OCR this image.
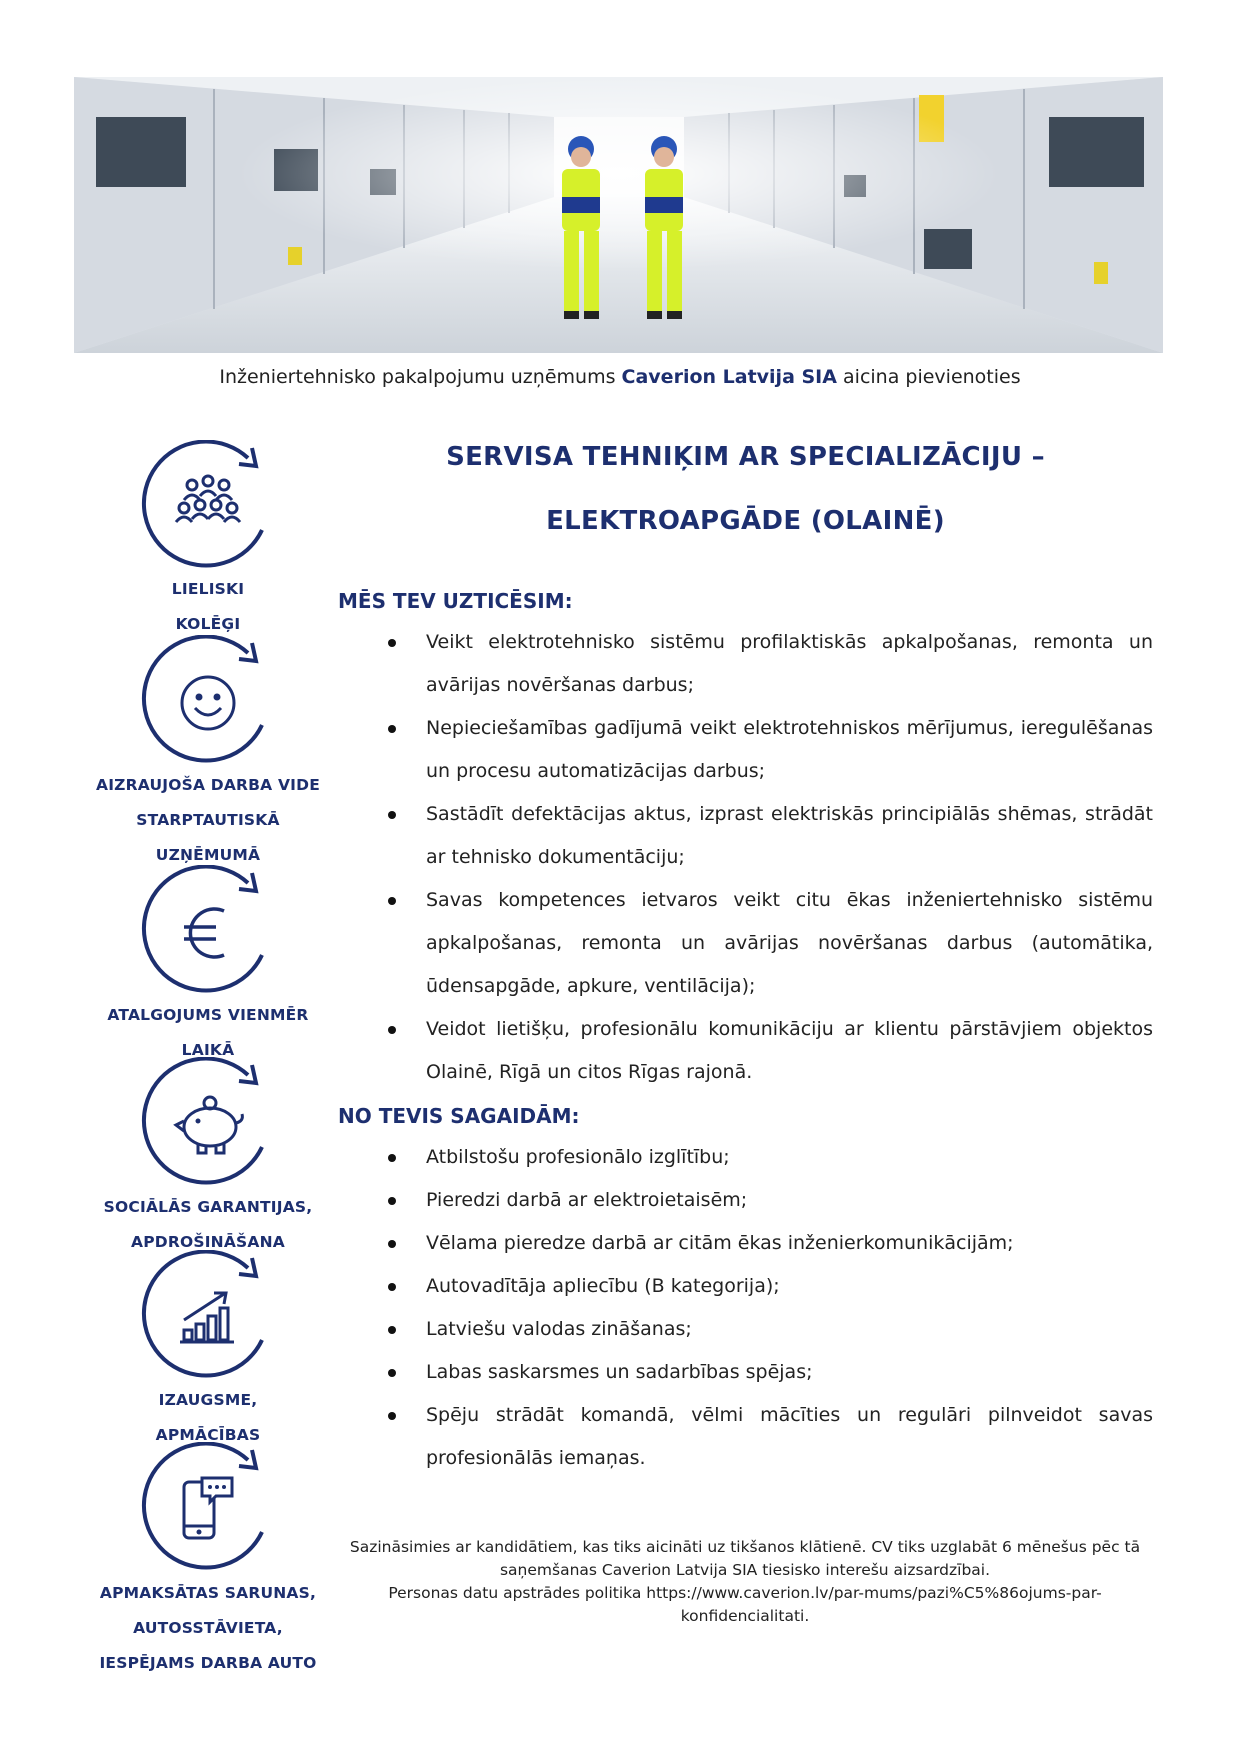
Inženiertehnisko pakalpojumu uzņēmums Caverion Latvija SIA aicina pievienoties
LIELISKI
KOLĒĢI
AIZRAUJOŠA DARBA VIDE
STARPTAUTISKĀ
UZŅĒMUMĀ
ATALGOJUMS VIENMĒR
LAIKĀ
SOCIĀLĀS GARANTIJAS,
APDROŠINĀŠANA
IZAUGSME,
APMĀCĪBAS
APMAKSĀTAS SARUNAS,
AUTOSSTĀVIETA,
IESPĒJAMS DARBA AUTO
SERVISA TEHNIĶIM AR SPECIALIZĀCIJU –
ELEKTROAPGĀDE (OLAINĒ)
MĒS TEV UZTICĒSIM:
Veikt elektrotehnisko sistēmu profilaktiskās apkalpošanas, remonta un avārijas novēršanas darbus;
Nepieciešamības gadījumā veikt elektrotehniskos mērījumus, ieregulēšanas un procesu automatizācijas darbus;
Sastādīt defektācijas aktus, izprast elektriskās principiālās shēmas, strādāt ar tehnisko dokumentāciju;
Savas kompetences ietvaros veikt citu ēkas inženiertehnisko sistēmu apkalpošanas, remonta un avārijas novēršanas darbus (automātika, ūdensapgāde, apkure, ventilācija);
Veidot lietišķu, profesionālu komunikāciju ar klientu pārstāvjiem objektos Olainē, Rīgā un citos Rīgas rajonā.
NO TEVIS SAGAIDĀM:
Atbilstošu profesionālo izglītību;
Pieredzi darbā ar elektroietaisēm;
Vēlama pieredze darbā ar citām ēkas inženierkomunikācijām;
Autovadītāja apliecību (B kategorija);
Latviešu valodas zināšanas;
Labas saskarsmes un sadarbības spējas;
Spēju strādāt komandā, vēlmi mācīties un regulāri pilnveidot savas profesionālās iemaņas.

Sazināsimies ar kandidātiem, kas tiks aicināti uz tikšanos klātienē. CV tiks uzglabāt 6 mēnešus pēc tā saņemšanas Caverion Latvija SIA tiesisko interešu aizsardzībai.

Personas datu apstrādes politika https://www.caverion.lv/par-mums/pazi%C5%86ojums-par-konfidencialitati.
